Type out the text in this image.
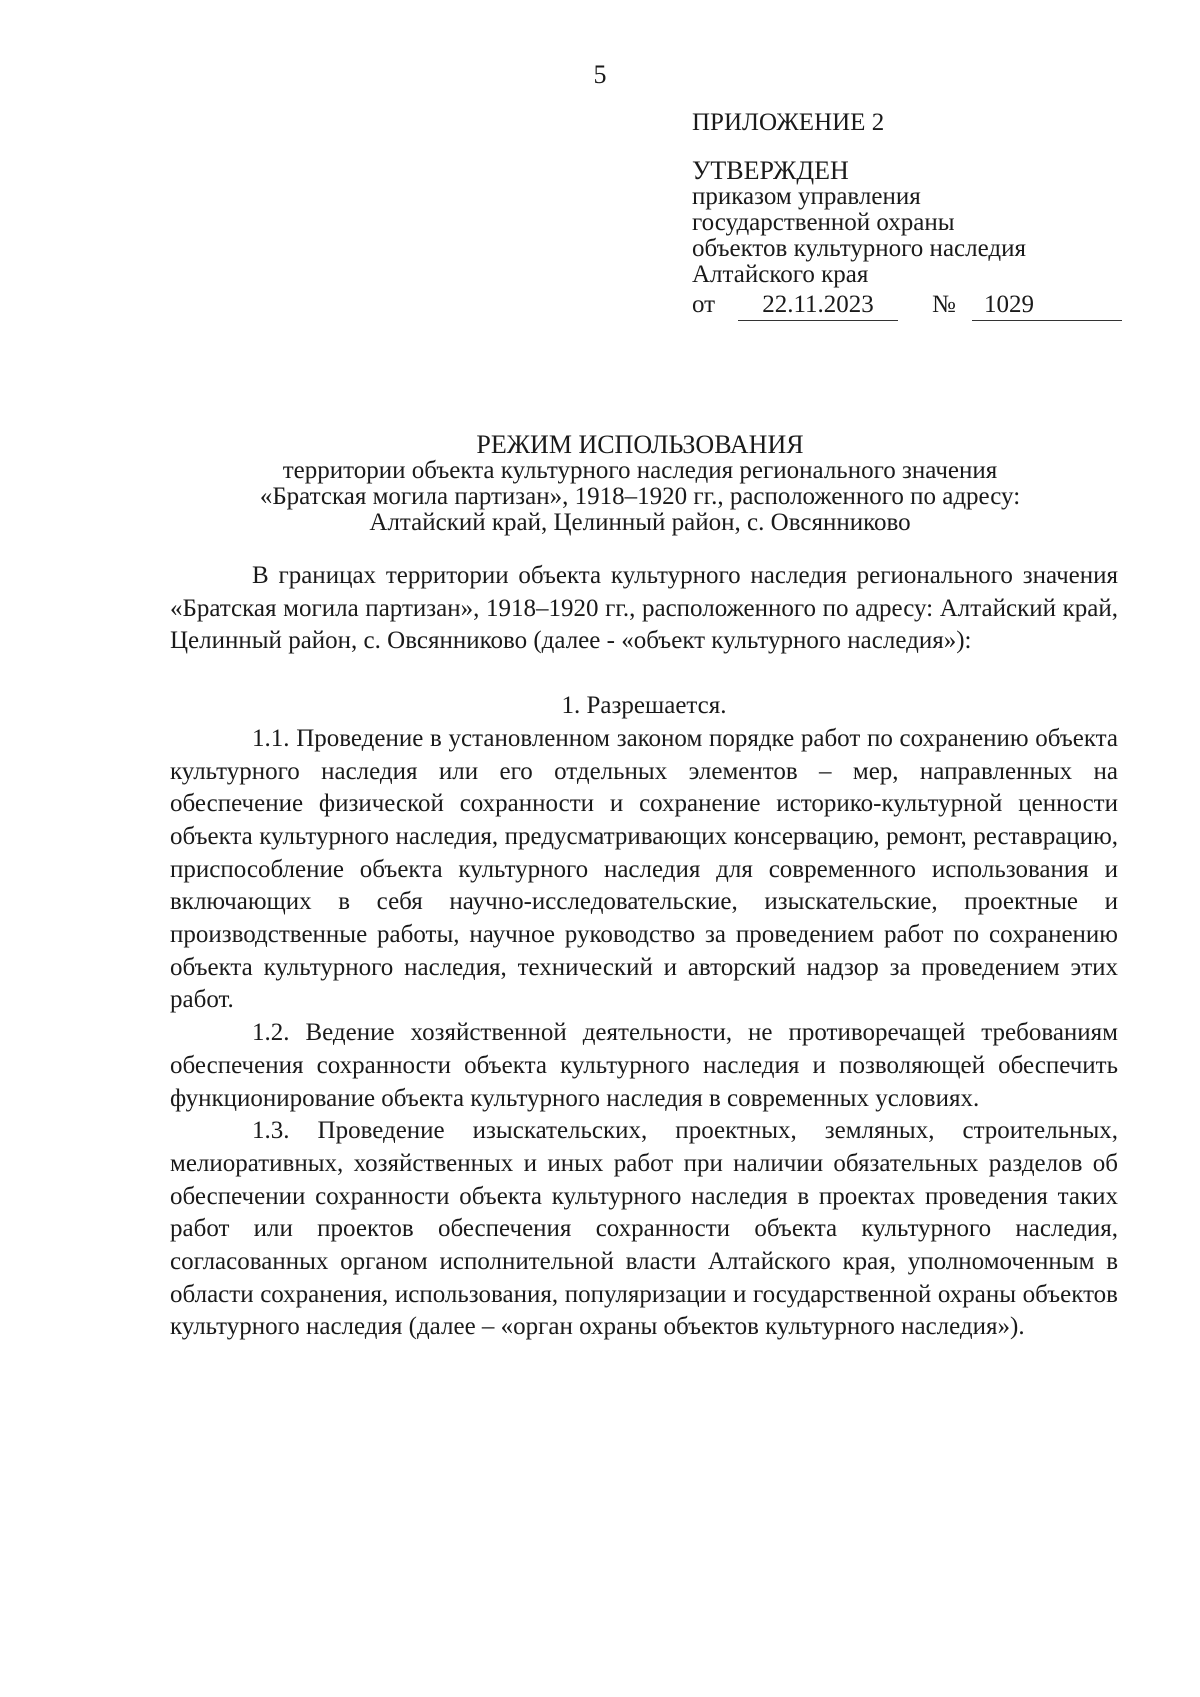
5
ПРИЛОЖЕНИЕ 2
УТВЕРЖДЕН
приказом управления
государственной охраны
объектов культурного наследия
Алтайского края
от	22.11.2023	№	1029
РЕЖИМ ИСПОЛЬЗОВАНИЯ
территории объекта культурного наследия регионального значения
«Братская могила партизан», 1918–1920 гг., расположенного по адресу:
Алтайский край, Целинный район, с. Овсянниково

В границах территории объекта культурного наследия регионального значения «Братская могила партизан», 1918–1920 гг., расположенного по адресу: Алтайский край, Целинный район, с. Овсянниково (далее - «объект культурного наследия»):

1. Разрешается.

1.1. Проведение в установленном законом порядке работ по сохранению объекта культурного наследия или его отдельных элементов – мер, направленных на обеспечение физической сохранности и сохранение историко-культурной ценности объекта культурного наследия, предусматривающих консервацию, ремонт, реставрацию, приспособление объекта культурного наследия для современного использования и включающих в себя научно-исследовательские, изыскательские, проектные и производственные работы, научное руководство за проведением работ по сохранению объекта культурного наследия, технический и авторский надзор за проведением этих работ.

1.2. Ведение хозяйственной деятельности, не противоречащей требованиям обеспечения сохранности объекта культурного наследия и позволяющей обеспечить функционирование объекта культурного наследия в современных условиях.

1.3. Проведение изыскательских, проектных, земляных, строительных, мелиоративных, хозяйственных и иных работ при наличии обязательных разделов об обеспечении сохранности объекта культурного наследия в проектах проведения таких работ или проектов обеспечения сохранности объекта культурного наследия, согласованных органом исполнительной власти Алтайского края, уполномоченным в области сохранения, использования, популяризации и государственной охраны объектов культурного наследия (далее – «орган охраны объектов культурного наследия»).
